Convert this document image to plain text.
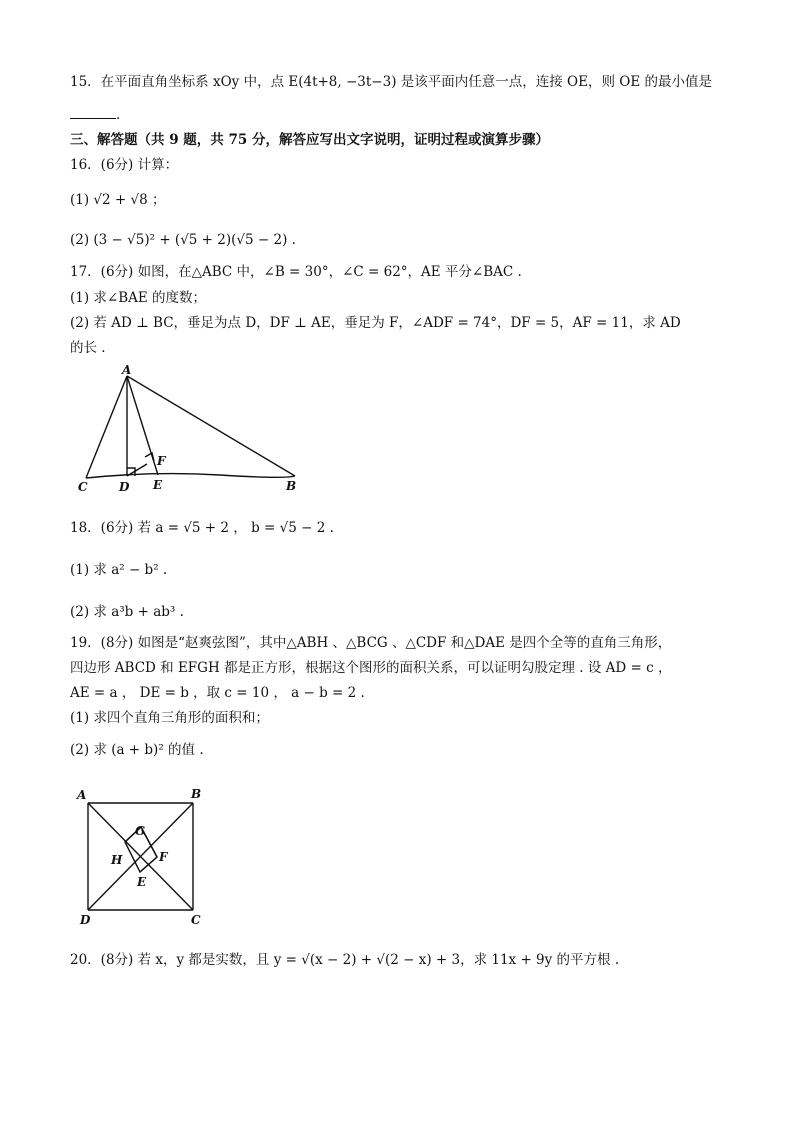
15．在平面直角坐标系 xOy 中，点 E(4t+8, −3t−3) 是该平面内任意一点，连接 OE，则 OE 的最小值是
.
三、解答题（共 9 题，共 75 分，解答应写出文字说明，证明过程或演算步骤）
16．(6分) 计算：
(1) √2 + √8 ；
(2) (3 − √5)² + (√5 + 2)(√5 − 2) .
17．(6分) 如图，在△ABC 中，∠B = 30°，∠C = 62°，AE 平分∠BAC .
(1) 求∠BAE 的度数；
(2) 若 AD ⊥ BC，垂足为点 D，DF ⊥ AE，垂足为 F，∠ADF = 74°，DF = 5，AF = 11，求 AD
的长 .
A
F
C	D E	B
18．(6分) 若 a = √5 + 2 ， b = √5 − 2 .
(1) 求 a² − b² .
(2) 求 a³b + ab³ .
19．(8分) 如图是“赵爽弦图”，其中△ABH 、△BCG 、△CDF 和△DAE 是四个全等的直角三角形，
四边形 ABCD 和 EFGH 都是正方形，根据这个图形的面积关系，可以证明勾股定理 . 设 AD = c ，
AE = a ， DE = b ，取 c = 10 ， a − b = 2 .
(1) 求四个直角三角形的面积和；
(2) 求 (a + b)² 的值 .
A	B
G
H	F
E
D	C
20．(8分) 若 x，y 都是实数，且 y = √(x − 2) + √(2 − x) + 3，求 11x + 9y 的平方根 .
